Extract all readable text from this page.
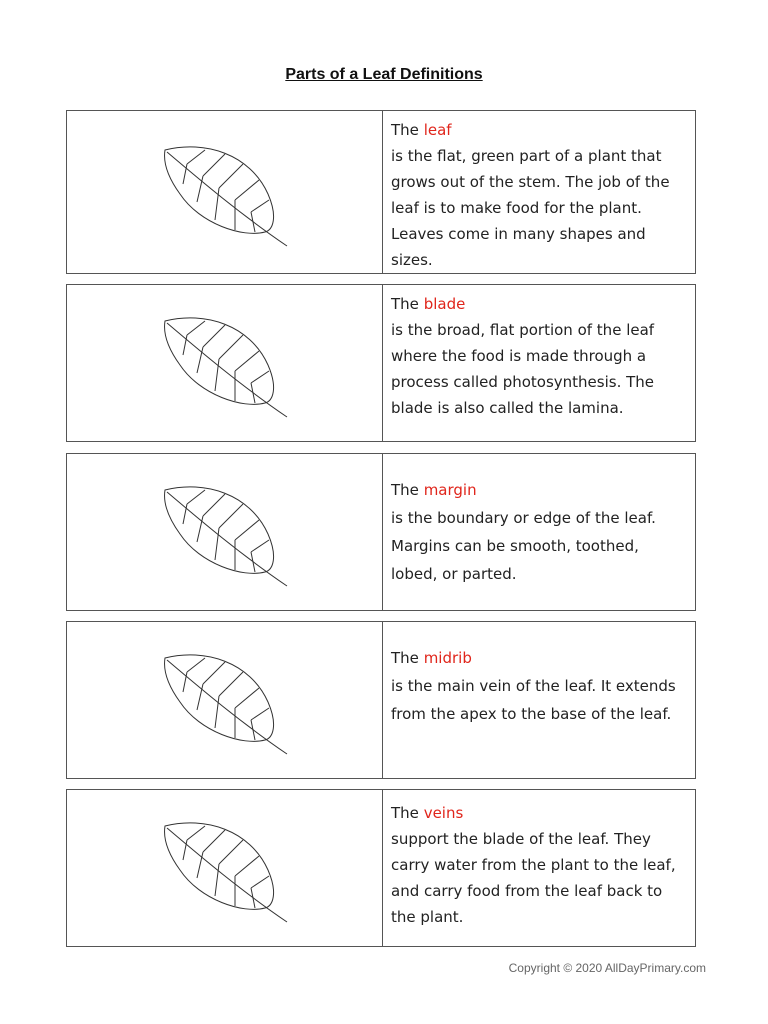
Parts of a Leaf Definitions
The leaf
is the flat, green part of a plant that grows out of the stem. The job of the leaf is to make food for the plant. Leaves come in many shapes and sizes.
The blade
is the broad, flat portion of the leaf where the food is made through a process called photosynthesis. The blade is also called the lamina.
The margin
is the boundary or edge of the leaf. Margins can be smooth, toothed, lobed, or parted.
The midrib
is the main vein of the leaf. It extends from the apex to the base of the leaf.
The veins
support the blade of the leaf. They carry water from the plant to the leaf, and carry food from the leaf back to the plant.
Copyright © 2020 AllDayPrimary.com
